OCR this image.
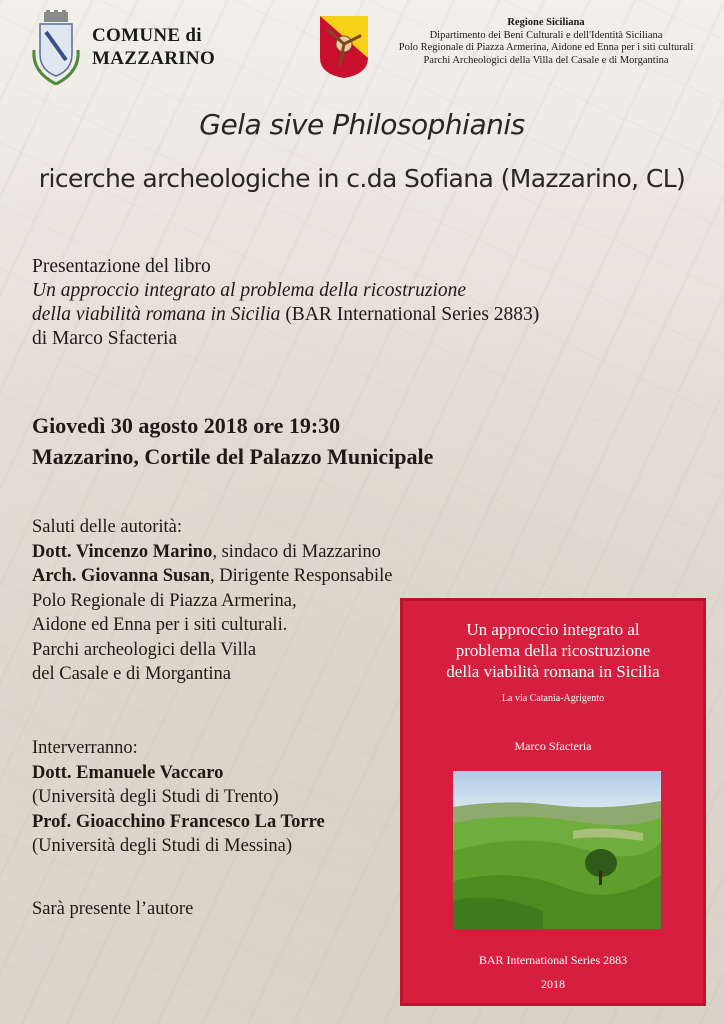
COMUNE di
MAZZARINO
Regione Siciliana
Dipartimento dei Beni Culturali e dell'Identità Siciliana
Polo Regionale di Piazza Armerina, Aidone ed Enna per i siti culturali
Parchi Archeologici della Villa del Casale e di Morgantina
Gela sive Philosophianis
ricerche archeologiche in c.da Sofiana (Mazzarino, CL)
Presentazione del libro
Un approccio integrato al problema della ricostruzione
della viabilità romana in Sicilia (BAR International Series 2883)
di Marco Sfacteria
Giovedì 30 agosto 2018 ore 19:30
Mazzarino, Cortile del Palazzo Municipale
Saluti delle autorità:
Dott. Vincenzo Marino, sindaco di Mazzarino
Arch. Giovanna Susan, Dirigente Responsabile
Polo Regionale di Piazza Armerina,
Aidone ed Enna per i siti culturali.
Parchi archeologici della Villa
del Casale e di Morgantina
Interverranno:
Dott. Emanuele Vaccaro
(Università degli Studi di Trento)
Prof. Gioacchino Francesco La Torre
(Università degli Studi di Messina)
Sarà presente l’autore
Un approccio integrato al
problema della ricostruzione
della viabilità romana in Sicilia
La via Catania-Agrigento
Marco Sfacteria
BAR International Series 2883
2018
